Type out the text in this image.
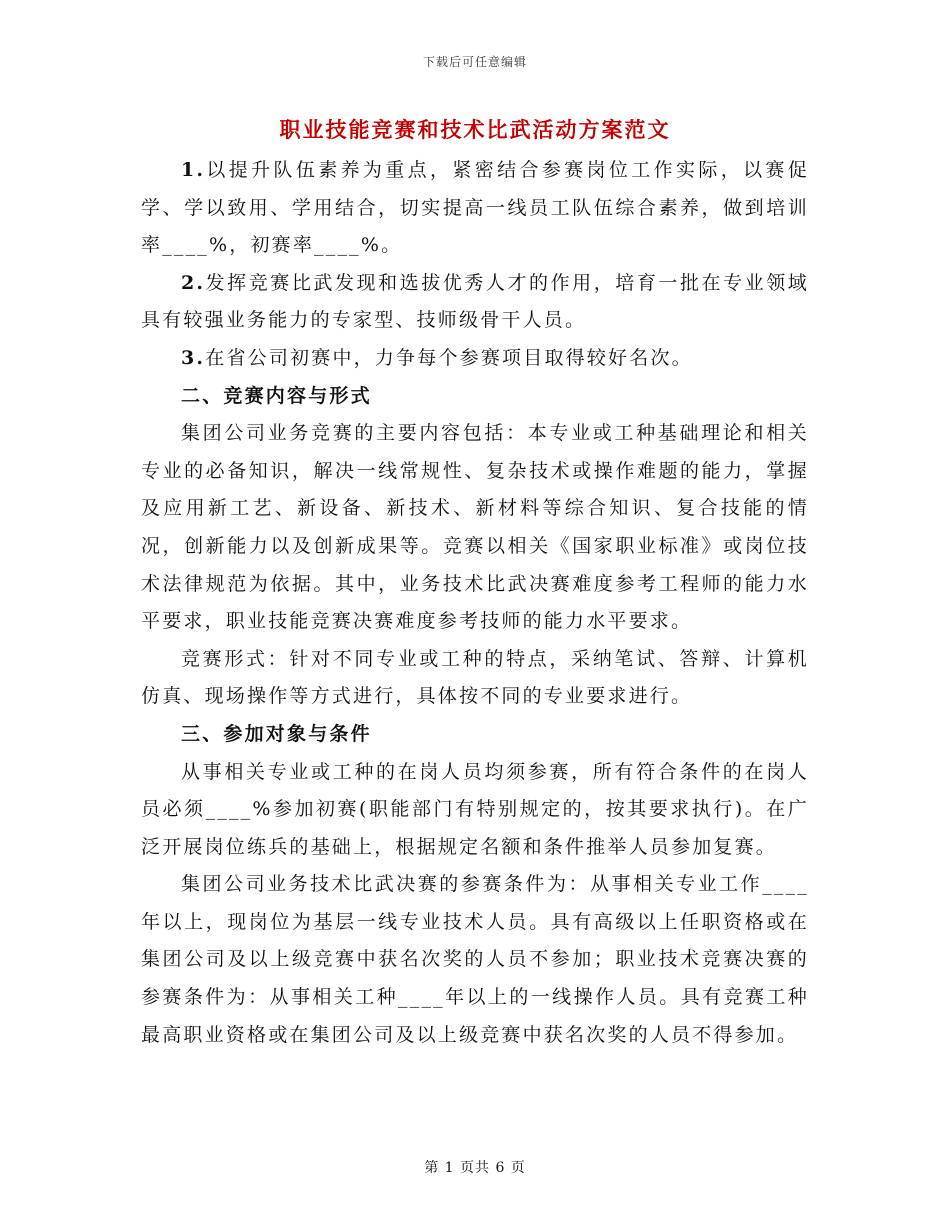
下载后可任意编辑
职业技能竞赛和技术比武活动方案范文

1.以提升队伍素养为重点，紧密结合参赛岗位工作实际，以赛促学、学以致用、学用结合，切实提高一线员工队伍综合素养，做到培训率____%，初赛率____%。

2.发挥竞赛比武发现和选拔优秀人才的作用，培育一批在专业领域具有较强业务能力的专家型、技师级骨干人员。

3.在省公司初赛中，力争每个参赛项目取得较好名次。

二、竞赛内容与形式

集团公司业务竞赛的主要内容包括：本专业或工种基础理论和相关专业的必备知识，解决一线常规性、复杂技术或操作难题的能力，掌握及应用新工艺、新设备、新技术、新材料等综合知识、复合技能的情况，创新能力以及创新成果等。竞赛以相关《国家职业标准》或岗位技术法律规范为依据。其中，业务技术比武决赛难度参考工程师的能力水平要求，职业技能竞赛决赛难度参考技师的能力水平要求。

竞赛形式：针对不同专业或工种的特点，采纳笔试、答辩、计算机仿真、现场操作等方式进行，具体按不同的专业要求进行。

三、参加对象与条件

从事相关专业或工种的在岗人员均须参赛，所有符合条件的在岗人员必须____%参加初赛(职能部门有特别规定的，按其要求执行)。在广泛开展岗位练兵的基础上，根据规定名额和条件推举人员参加复赛。

集团公司业务技术比武决赛的参赛条件为：从事相关专业工作____年以上，现岗位为基层一线专业技术人员。具有高级以上任职资格或在集团公司及以上级竞赛中获名次奖的人员不参加；职业技术竞赛决赛的参赛条件为：从事相关工种____年以上的一线操作人员。具有竞赛工种最高职业资格或在集团公司及以上级竞赛中获名次奖的人员不得参加。

第 1 页共 6 页
